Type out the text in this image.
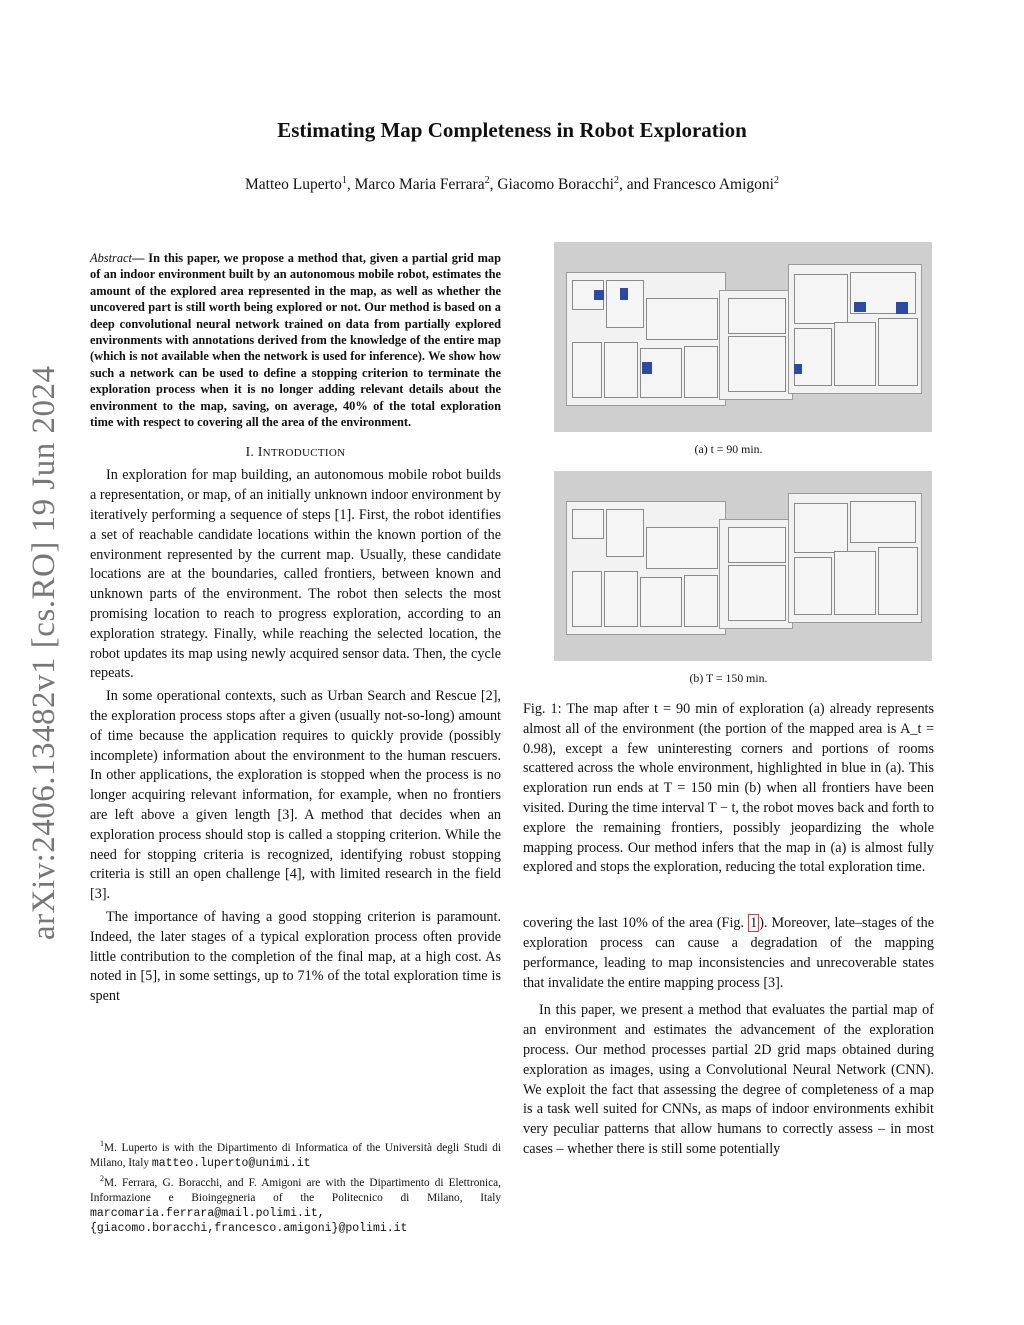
arXiv:2406.13482v1 [cs.RO] 19 Jun 2024
Estimating Map Completeness in Robot Exploration
Matteo Luperto$^1$, Marco Maria Ferrara$^2$, Giacomo Boracchi$^2$, and Francesco Amigoni$^2$
Abstract— In this paper, we propose a method that, given a partial grid map of an indoor environment built by an autonomous mobile robot, estimates the amount of the explored area represented in the map, as well as whether the uncovered part is still worth being explored or not. Our method is based on a deep convolutional neural network trained on data from partially explored environments with annotations derived from the knowledge of the entire map (which is not available when the network is used for inference). We show how such a network can be used to define a stopping criterion to terminate the exploration process when it is no longer adding relevant details about the environment to the map, saving, on average, 40% of the total exploration time with respect to covering all the area of the environment.
I. INTRODUCTION

In exploration for map building, an autonomous mobile robot builds a representation, or map, of an initially unknown indoor environment by iteratively performing a sequence of steps [1]. First, the robot identifies a set of reachable candidate locations within the known portion of the environment represented by the current map. Usually, these candidate locations are at the boundaries, called frontiers, between known and unknown parts of the environment. The robot then selects the most promising location to reach to progress exploration, according to an exploration strategy. Finally, while reaching the selected location, the robot updates its map using newly acquired sensor data. Then, the cycle repeats.

In some operational contexts, such as Urban Search and Rescue [2], the exploration process stops after a given (usually not-so-long) amount of time because the application requires to quickly provide (possibly incomplete) information about the environment to the human rescuers. In other applications, the exploration is stopped when the process is no longer acquiring relevant information, for example, when no frontiers are left above a given length [3]. A method that decides when an exploration process should stop is called a stopping criterion. While the need for stopping criteria is recognized, identifying robust stopping criteria is still an open challenge [4], with limited research in the field [3].

The importance of having a good stopping criterion is paramount. Indeed, the later stages of a typical exploration process often provide little contribution to the completion of the final map, at a high cost. As noted in [5], in some settings, up to 71% of the total exploration time is spent

$^1$M. Luperto is with the Dipartimento di Informatica of the Università degli Studi di Milano, Italy matteo.luperto@unimi.it
$^2$M. Ferrara, G. Boracchi, and F. Amigoni are with the Dipartimento di Elettronica, Informazione e Bioingegneria of the Politecnico di Milano, Italy marcomaria.ferrara@mail.polimi.it, {giacomo.boracchi,francesco.amigoni}@polimi.it
(a) t = 90 min.
(b) T = 150 min.
Fig. 1: The map after t = 90 min of exploration (a) already represents almost all of the environment (the portion of the mapped area is A_t = 0.98), except a few uninteresting corners and portions of rooms scattered across the whole environment, highlighted in blue in (a). This exploration run ends at T = 150 min (b) when all frontiers have been visited. During the time interval T − t, the robot moves back and forth to explore the remaining frontiers, possibly jeopardizing the whole mapping process. Our method infers that the map in (a) is almost fully explored and stops the exploration, reducing the total exploration time.

covering the last 10% of the area (Fig. 1 ). Moreover, late–stages of the exploration process can cause a degradation of the mapping performance, leading to map inconsistencies and unrecoverable states that invalidate the entire mapping process [3].

In this paper, we present a method that evaluates the partial map of an environment and estimates the advancement of the exploration process. Our method processes partial 2D grid maps obtained during exploration as images, using a Convolutional Neural Network (CNN). We exploit the fact that assessing the degree of completeness of a map is a task well suited for CNNs, as maps of indoor environments exhibit very peculiar patterns that allow humans to correctly assess – in most cases – whether there is still some potentially
